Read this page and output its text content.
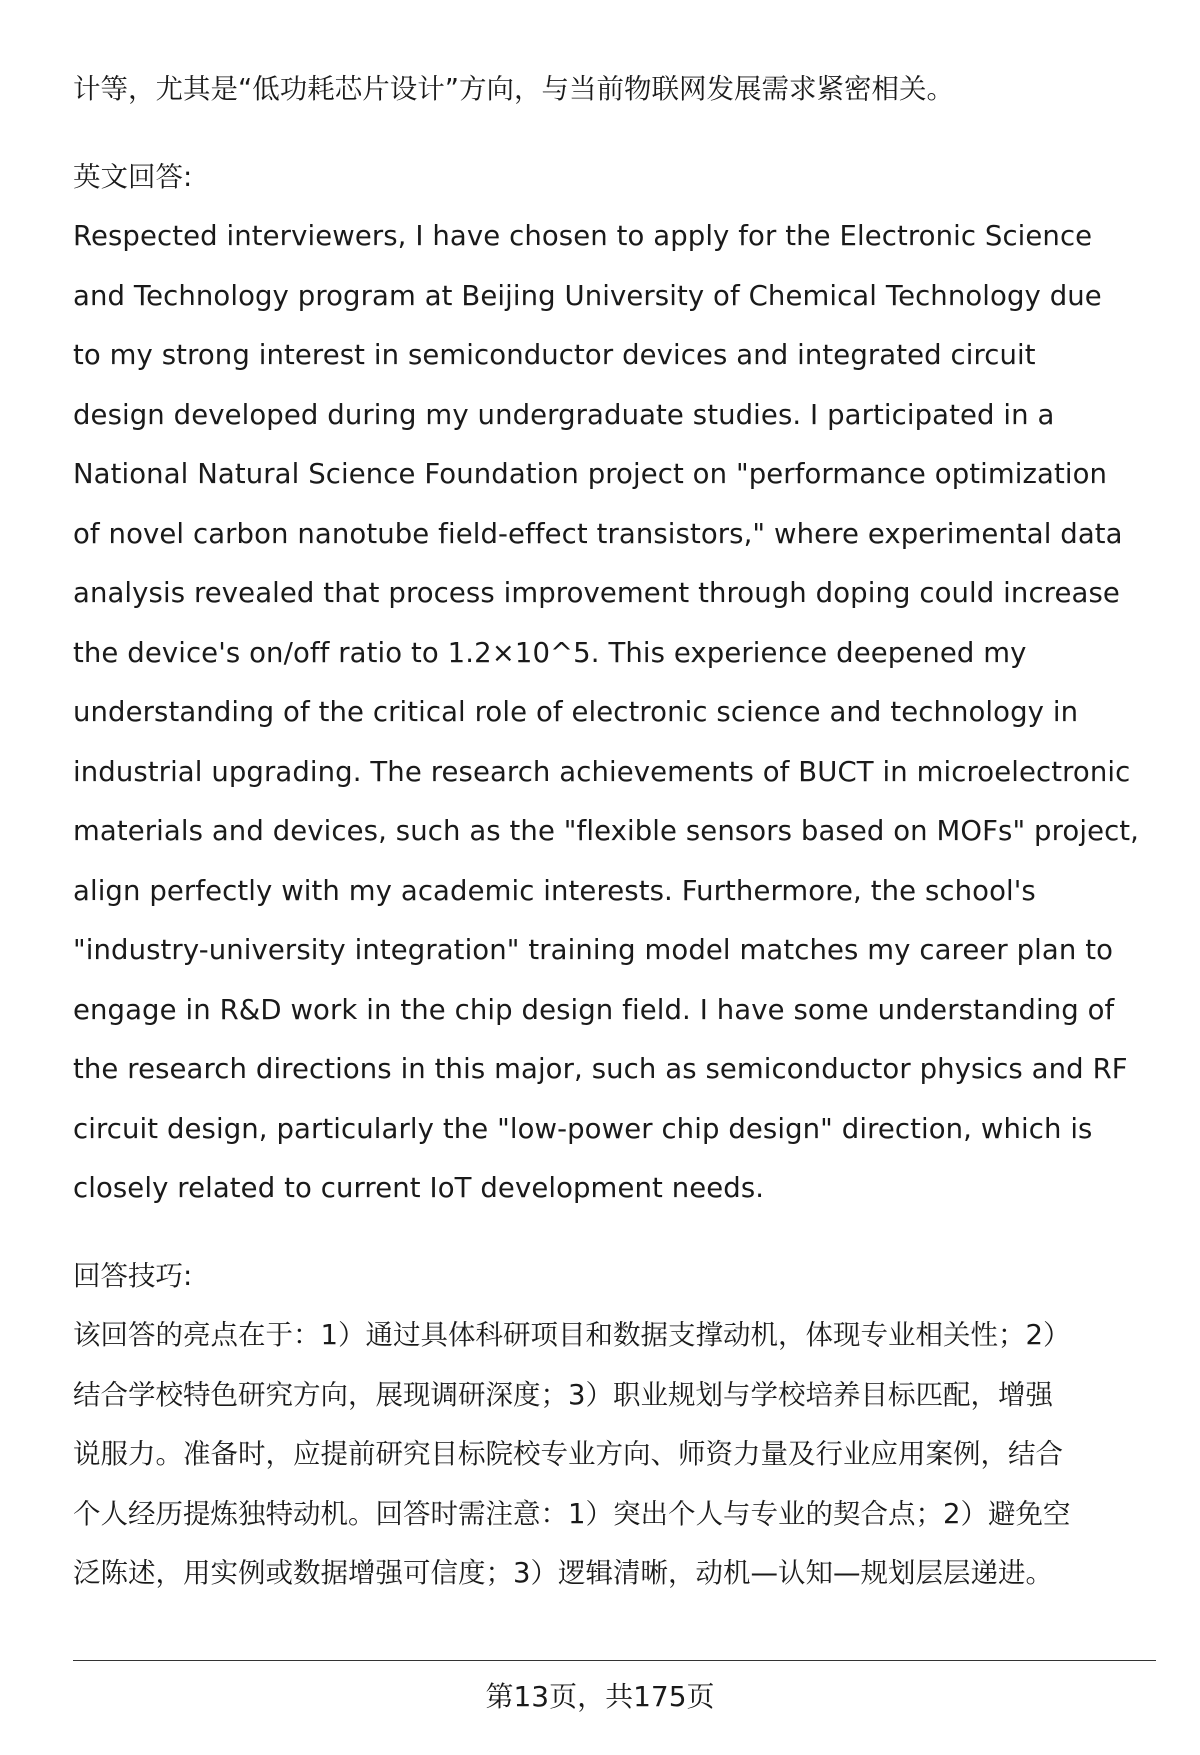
计等，尤其是“低功耗芯片设计”方向，与当前物联网发展需求紧密相关。

英文回答:

Respected interviewers, I have chosen to apply for the Electronic Science

and Technology program at Beijing University of Chemical Technology due

to my strong interest in semiconductor devices and integrated circuit

design developed during my undergraduate studies. I participated in a

National Natural Science Foundation project on "performance optimization

of novel carbon nanotube field-effect transistors," where experimental data

analysis revealed that process improvement through doping could increase

the device's on/off ratio to 1.2×10^5. This experience deepened my

understanding of the critical role of electronic science and technology in

industrial upgrading. The research achievements of BUCT in microelectronic

materials and devices, such as the "flexible sensors based on MOFs" project,

align perfectly with my academic interests. Furthermore, the school's

"industry-university integration" training model matches my career plan to

engage in R&D work in the chip design field. I have some understanding of

the research directions in this major, such as semiconductor physics and RF

circuit design, particularly the "low-power chip design" direction, which is

closely related to current IoT development needs.

回答技巧:

该回答的亮点在于：1）通过具体科研项目和数据支撑动机，体现专业相关性；2）

结合学校特色研究方向，展现调研深度；3）职业规划与学校培养目标匹配，增强

说服力。准备时，应提前研究目标院校专业方向、师资力量及行业应用案例，结合

个人经历提炼独特动机。回答时需注意：1）突出个人与专业的契合点；2）避免空

泛陈述，用实例或数据增强可信度；3）逻辑清晰，动机—认知—规划层层递进。

第13页，共175页
